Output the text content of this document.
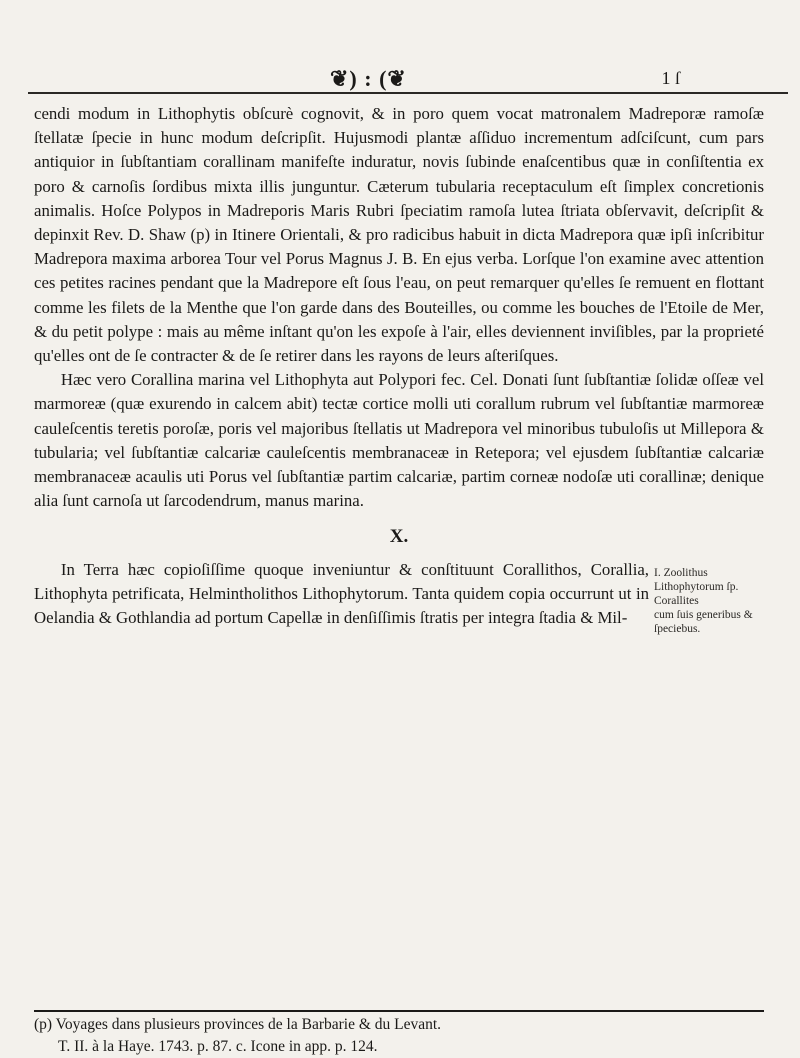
❦) : (❦	1 ſ

cendi modum in Lithophytis obſcurè cognovit, & in poro quem vocat matronalem Madreporæ ramoſæ ſtellatæ ſpecie in hunc modum deſcripſit. Hujusmodi plantæ aſſiduo incrementum adſciſcunt, cum pars antiquior in ſubſtantiam corallinam manifeſte induratur, novis ſubinde enaſcentibus quæ in conſiſtentia ex poro & carnoſis ſordibus mixta illis junguntur. Cæterum tubularia receptaculum eſt ſimplex concretionis animalis. Hoſce Polypos in Madreporis Maris Rubri ſpeciatim ramoſa lutea ſtriata obſervavit, deſcripſit & depinxit Rev. D. Shaw (p) in Itinere Orientali, & pro radicibus habuit in dicta Madrepora quæ ipſi inſcribitur Madrepora maxima arborea Tour vel Porus Magnus J. B. En ejus verba. Lorſque l'on examine avec attention ces petites racines pendant que la Madrepore eſt ſous l'eau, on peut remarquer qu'elles ſe remuent en flottant comme les filets de la Menthe que l'on garde dans des Bouteilles, ou comme les bouches de l'Etoile de Mer, & du petit polype : mais au même inſtant qu'on les expoſe à l'air, elles deviennent inviſibles, par la proprieté qu'elles ont de ſe contracter & de ſe retirer dans les rayons de leurs aſteriſques.

Hæc vero Corallina marina vel Lithophyta aut Polypori fec. Cel. Donati ſunt ſubſtantiæ ſolidæ oſſeæ vel marmoreæ (quæ exurendo in calcem abit) tectæ cortice molli uti corallum rubrum vel ſubſtantiæ marmoreæ cauleſcentis teretis poroſæ, poris vel majoribus ſtellatis ut Madrepora vel minoribus tubuloſis ut Millepora & tubularia; vel ſubſtantiæ calcariæ cauleſcentis membranaceæ in Retepora; vel ejusdem ſubſtantiæ calcariæ membranaceæ acaulis uti Porus vel ſubſtantiæ partim calcariæ, partim corneæ nodoſæ uti corallinæ; denique alia ſunt carnoſa ut ſarcodendrum, manus marina.

X.

In Terra hæc copioſiſſime quoque inveniuntur & conſtituunt Corallithos, Corallia, Lithophyta petrificata, Helmintholithos Lithophytorum. Tanta quidem copia occurrunt ut in Oelandia & Gothlandia ad portum Capellæ in denſiſſimis ſtratis per integra ſtadia & Mil-

I. Zoolithus
Lithophytorum ſp.
Corallites
cum ſuis generibus &
ſpeciebus.
(p) Voyages dans plusieurs provinces de la Barbarie & du Levant.
T. II. à la Haye. 1743. p. 87. c. Icone in app. p. 124.
